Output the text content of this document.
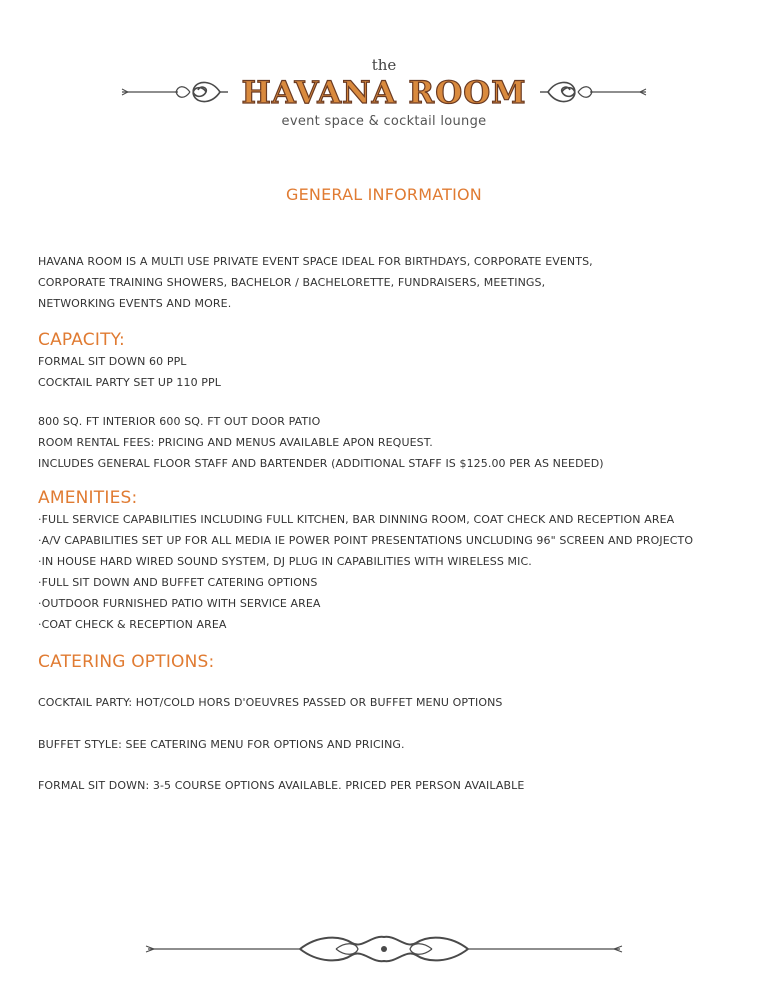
the
HAVANA ROOM
event space & cocktail lounge
GENERAL INFORMATION
HAVANA ROOM IS A MULTI USE PRIVATE EVENT SPACE IDEAL FOR BIRTHDAYS, CORPORATE EVENTS,
CORPORATE TRAINING SHOWERS, BACHELOR / BACHELORETTE, FUNDRAISERS, MEETINGS,
NETWORKING EVENTS AND MORE.
CAPACITY:
FORMAL SIT DOWN 60 PPL
COCKTAIL PARTY SET UP 110 PPL
800 SQ. FT INTERIOR 600 SQ. FT OUT DOOR PATIO
ROOM RENTAL FEES: PRICING AND MENUS AVAILABLE APON REQUEST.
INCLUDES GENERAL FLOOR STAFF AND BARTENDER (ADDITIONAL STAFF IS $125.00 PER AS NEEDED)
AMENITIES:
·FULL SERVICE CAPABILITIES INCLUDING FULL KITCHEN, BAR DINNING ROOM, COAT CHECK AND RECEPTION AREA
·A/V CAPABILITIES SET UP FOR ALL MEDIA IE POWER POINT PRESENTATIONS UNCLUDING 96" SCREEN AND PROJECTO
·IN HOUSE HARD WIRED SOUND SYSTEM, DJ PLUG IN CAPABILITIES WITH WIRELESS MIC.
·FULL SIT DOWN AND BUFFET CATERING OPTIONS
·OUTDOOR FURNISHED PATIO WITH SERVICE AREA
·COAT CHECK & RECEPTION AREA
CATERING OPTIONS:
COCKTAIL PARTY: HOT/COLD HORS D'OEUVRES PASSED OR BUFFET MENU OPTIONS
BUFFET STYLE: SEE CATERING MENU FOR OPTIONS AND PRICING.
FORMAL SIT DOWN: 3-5 COURSE OPTIONS AVAILABLE. PRICED PER PERSON AVAILABLE
